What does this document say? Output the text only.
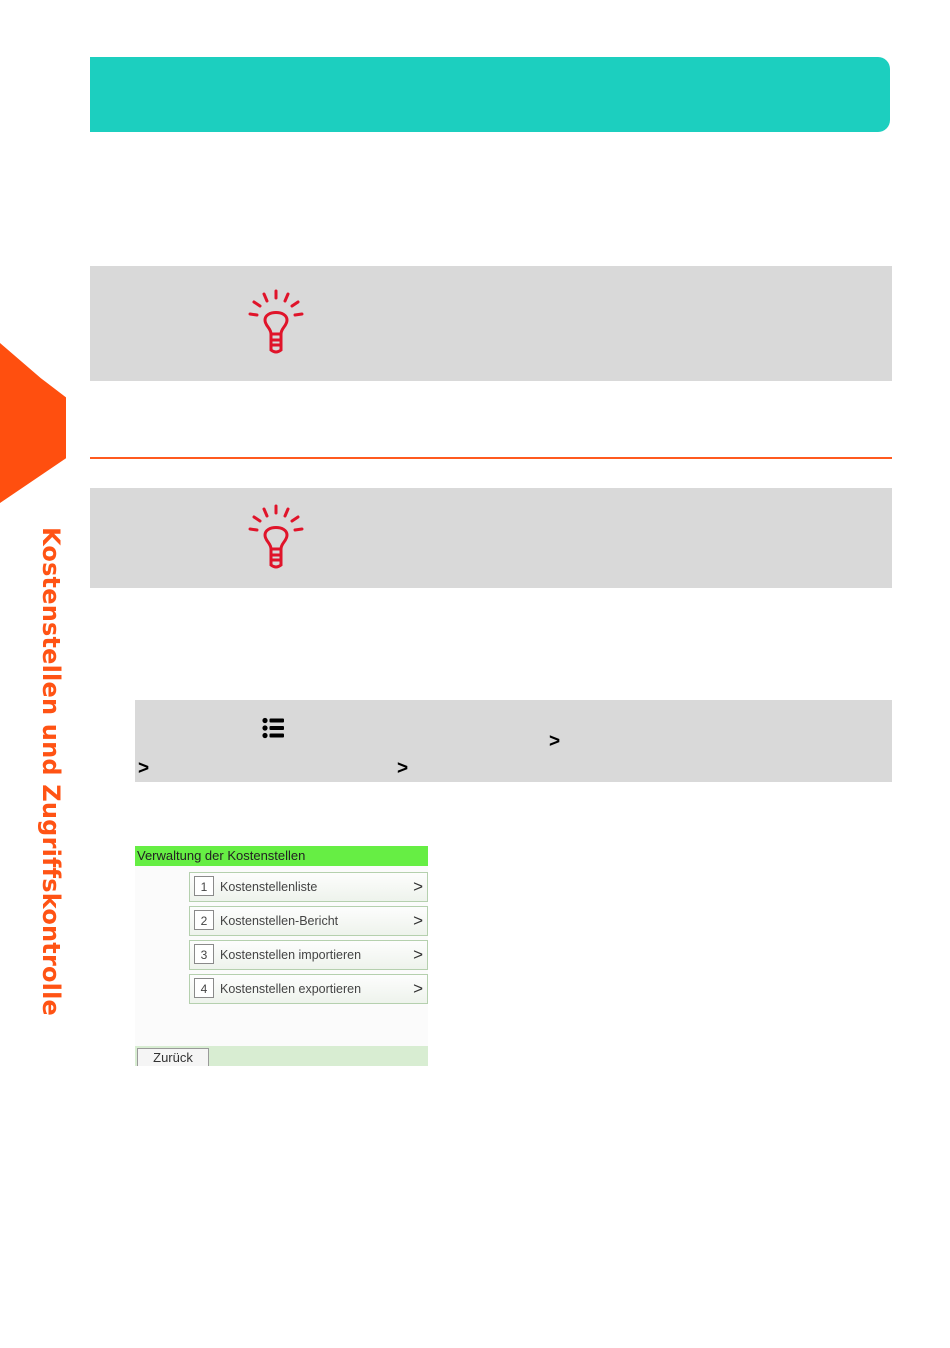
Kostenstellen und Zugriffskontrolle	>
>	>
Verwaltung der Kostenstellen
1	Kostenstellenliste	>
2	Kostenstellen-Bericht	>
3	Kostenstellen importieren	>
4	Kostenstellen exportieren	>
Zurück
